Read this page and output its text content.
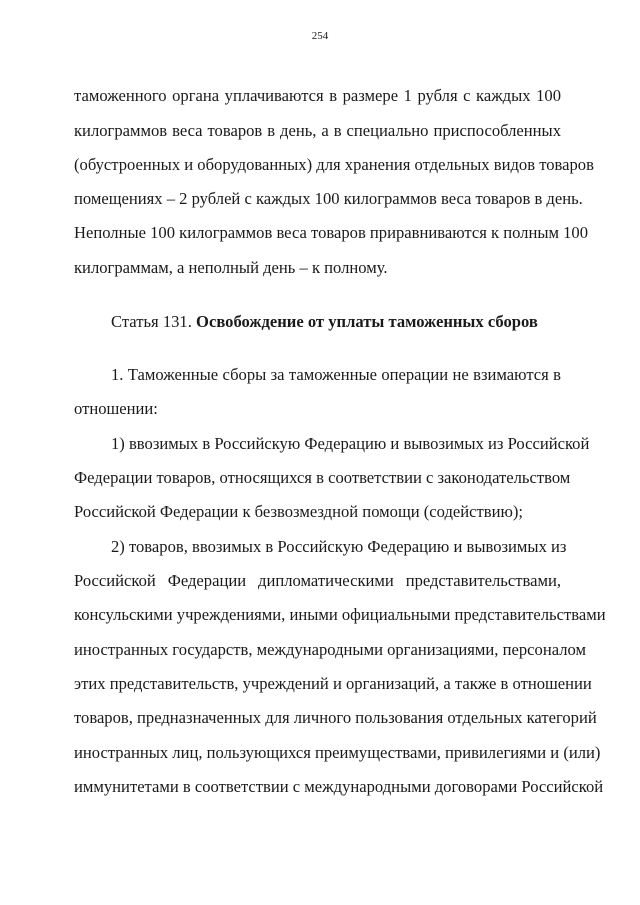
254
таможенного органа уплачиваются в размере 1 рубля с каждых 100
килограммов веса товаров в день, а в специально приспособленных
(обустроенных и оборудованных) для хранения отдельных видов товаров
помещениях – 2 рублей с каждых 100 килограммов веса товаров в день.
Неполные 100 килограммов веса товаров приравниваются к полным 100
килограммам, а неполный день – к полному.
Статья 131. Освобождение от уплаты таможенных сборов
1. Таможенные сборы за таможенные операции не взимаются в
отношении:
1) ввозимых в Российскую Федерацию и вывозимых из Российской
Федерации товаров, относящихся в соответствии с законодательством
Российской Федерации к безвозмездной помощи (содействию);
2) товаров, ввозимых в Российскую Федерацию и вывозимых из
Российской Федерации дипломатическими представительствами,
консульскими учреждениями, иными официальными представительствами
иностранных государств, международными организациями, персоналом
этих представительств, учреждений и организаций, а также в отношении
товаров, предназначенных для личного пользования отдельных категорий
иностранных лиц, пользующихся преимуществами, привилегиями и (или)
иммунитетами в соответствии с международными договорами Российской
